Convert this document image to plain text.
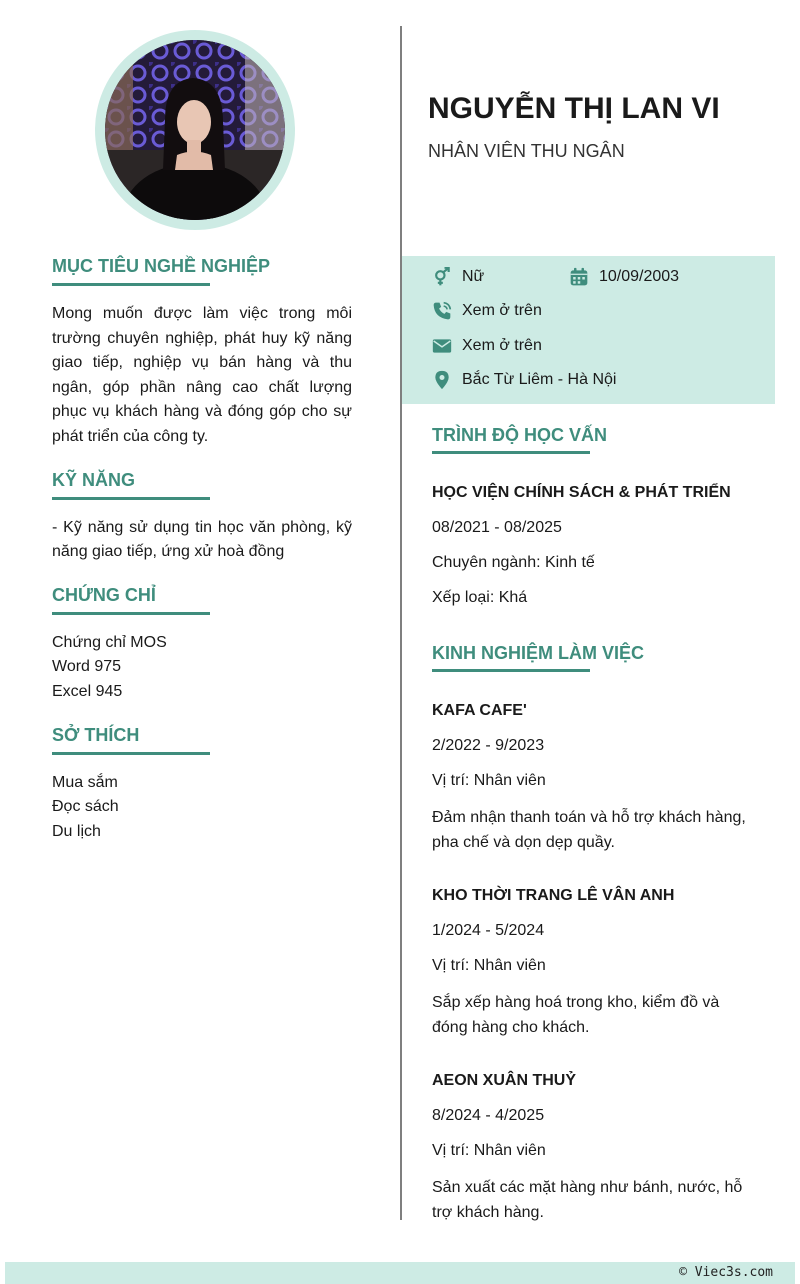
MỤC TIÊU NGHỀ NGHIỆP
Mong muốn được làm việc trong môi trường chuyên nghiệp, phát huy kỹ năng giao tiếp, nghiệp vụ bán hàng và thu ngân, góp phần nâng cao chất lượng phục vụ khách hàng và đóng góp cho sự phát triển của công ty.
KỸ NĂNG
- Kỹ năng sử dụng tin học văn phòng, kỹ năng giao tiếp, ứng xử hoà đồng
CHỨNG CHỈ
Chứng chỉ MOS
Word 975
Excel 945
SỞ THÍCH
Mua sắm
Đọc sách
Du lịch
NGUYỄN THỊ LAN VI
NHÂN VIÊN THU NGÂN
Nữ	10/09/2003
Xem ở trên
Xem ở trên
Bắc Từ Liêm - Hà Nội
TRÌNH ĐỘ HỌC VẤN
HỌC VIỆN CHÍNH SÁCH & PHÁT TRIỂN
08/2021 - 08/2025
Chuyên ngành: Kinh tế
Xếp loại: Khá
KINH NGHIỆM LÀM VIỆC
KAFA CAFE'
2/2022 - 9/2023
Vị trí: Nhân viên
Đảm nhận thanh toán và hỗ trợ khách hàng, pha chế và dọn dẹp quầy.
KHO THỜI TRANG LÊ VÂN ANH
1/2024 - 5/2024
Vị trí: Nhân viên
Sắp xếp hàng hoá trong kho, kiểm đồ và đóng hàng cho khách.
AEON XUÂN THUỶ
8/2024 - 4/2025
Vị trí: Nhân viên
Sản xuất các mặt hàng như bánh, nước, hỗ trợ khách hàng.
© Viec3s.com
